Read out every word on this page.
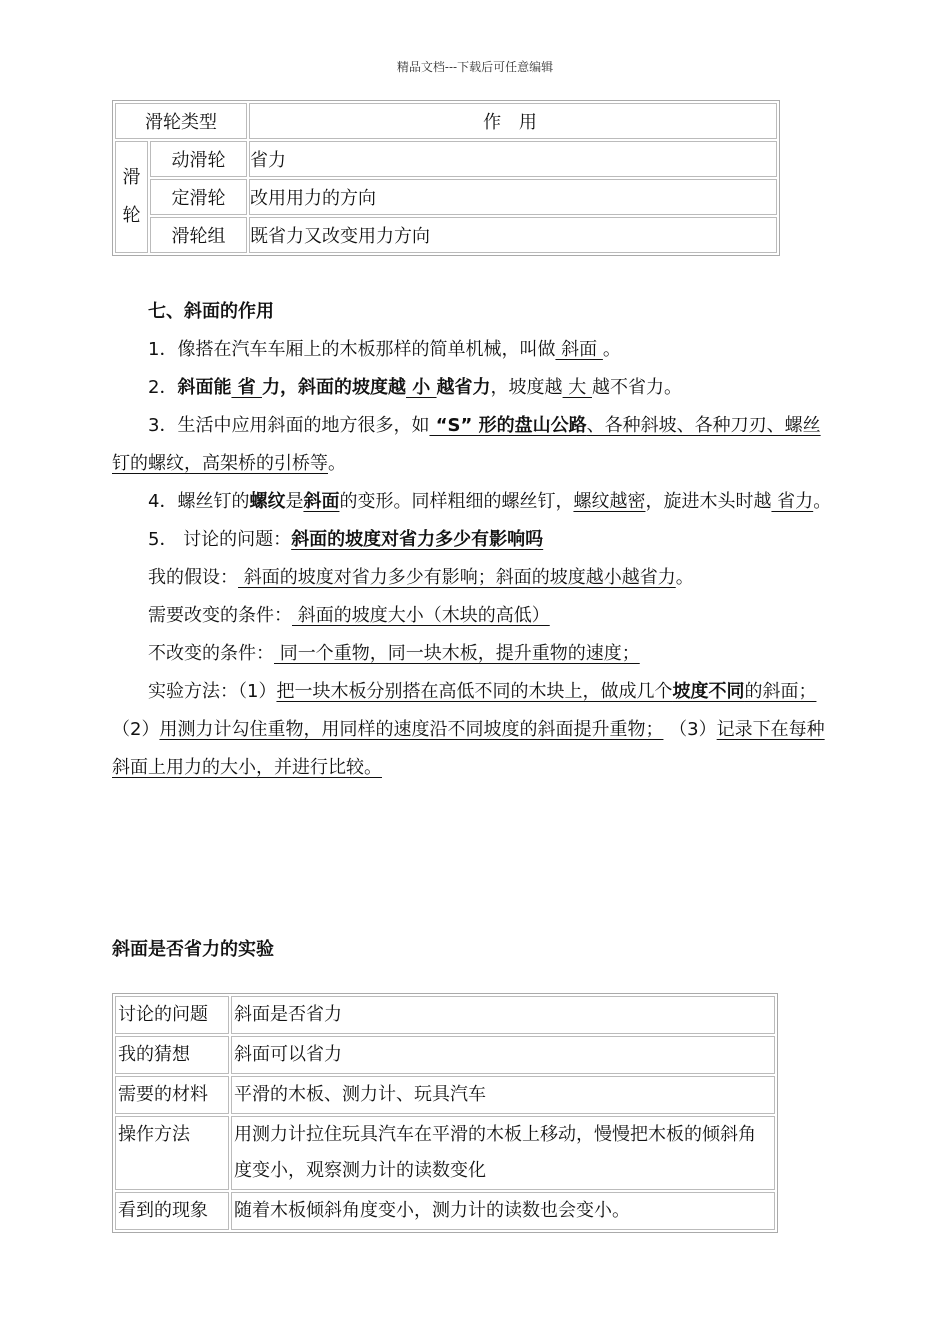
精品文档---下载后可任意编辑
滑轮类型		作 用
滑轮	动滑轮	省力
	定滑轮	改用用力的方向
	滑轮组	既省力又改变用力方向

七、斜面的作用

1．像搭在汽车车厢上的木板那样的简单机械，叫做 斜面 。

2．斜面能 省 力，斜面的坡度越 小 越省力，坡度越 大 越不省力。

3．生活中应用斜面的地方很多，如 “S” 形的盘山公路、各种斜坡、各种刀刃、螺丝钉的螺纹，高架桥的引桥等。

4．螺丝钉的螺纹是斜面的变形。同样粗细的螺丝钉，螺纹越密，旋进木头时越 省力。

5． 讨论的问题：斜面的坡度对省力多少有影响吗

我的假设： 斜面的坡度对省力多少有影响；斜面的坡度越小越省力。

需要改变的条件： 斜面的坡度大小（木块的高低）

不改变的条件： 同一个重物，同一块木板，提升重物的速度；

实验方法：（1）把一块木板分别搭在高低不同的木块上，做成几个坡度不同的斜面； （2）用测力计勾住重物，用同样的速度沿不同坡度的斜面提升重物； （3）记录下在每种斜面上用力的大小，并进行比较。

斜面是否省力的实验
讨论的问题	斜面是否省力
我的猜想	斜面可以省力
需要的材料	平滑的木板、测力计、玩具汽车
操作方法	用测力计拉住玩具汽车在平滑的木板上移动，慢慢把木板的倾斜角度变小，观察测力计的读数变化
看到的现象	随着木板倾斜角度变小，测力计的读数也会变小。
